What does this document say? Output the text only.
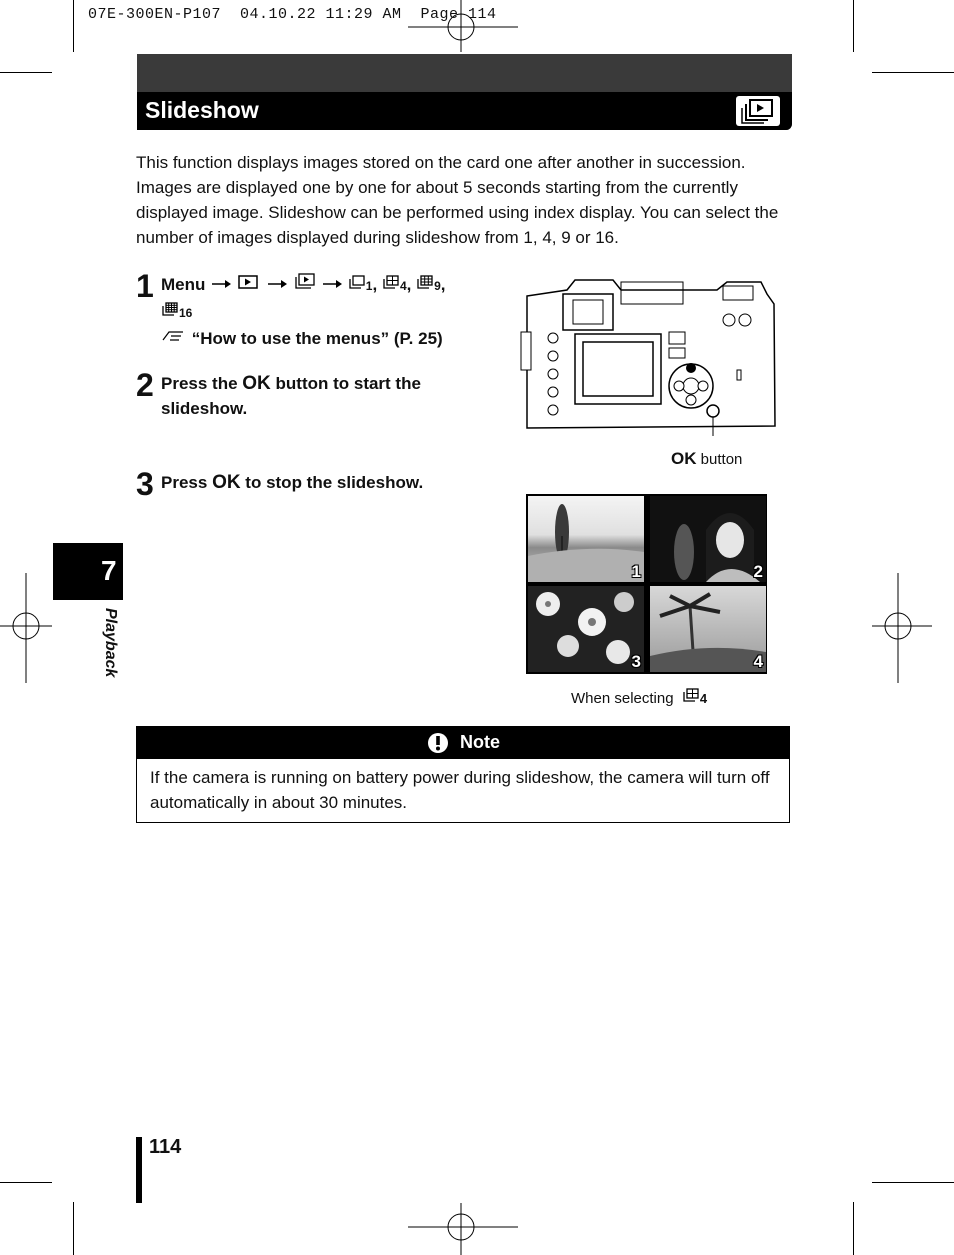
07E-300EN-P107  04.10.22 11:29 AM  Page 114
Slideshow
This function displays images stored on the card one after another in succession. Images are displayed one by one for about 5 seconds starting from the currently displayed image. Slideshow can be performed using index display. You can select the number of images displayed during slideshow from 1, 4, 9 or 16.
1 Menu	1, 4, 9,
16
“How to use the menus” (P. 25)
2 Press the OK button to start the
slideshow.
3 Press OK to stop the slideshow.
OK button
1	2
3	4
When selecting 4
7
Playback
Note
If the camera is running on battery power during slideshow, the camera will turn off automatically in about 30 minutes.
114
